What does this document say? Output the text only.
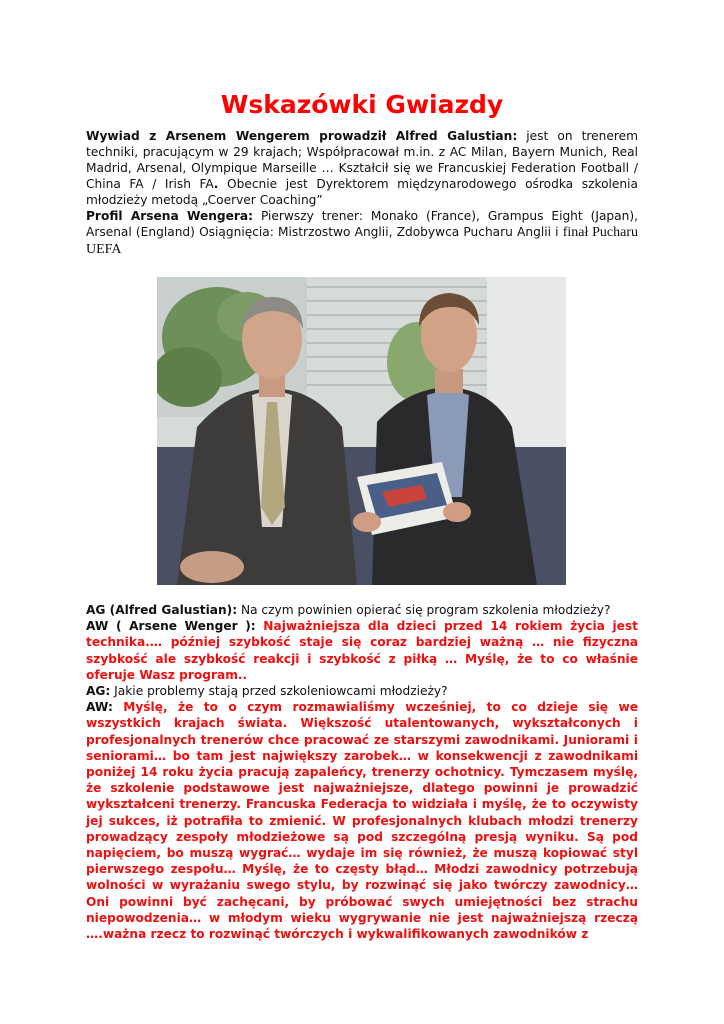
Wskazówki Gwiazdy
Wywiad z Arsenem Wengerem prowadził Alfred Galustian: jest on trenerem techniki, pracującym w 29 krajach; Współpracował m.in. z AC Milan, Bayern Munich, Real Madrid, Arsenal, Olympique Marseille … Kształcił się we Francuskiej Federation Football / China FA / Irish FA. Obecnie jest Dyrektorem międzynarodowego ośrodka szkolenia młodzieży metodą „Coerver Coaching”
Profil Arsena Wengera: Pierwszy trener: Monako (France), Grampus Eight (Japan), Arsenal (England) Osiągnięcia: Mistrzostwo Anglii, Zdobywca Pucharu Anglii i finał Pucharu UEFA

AG (Alfred Galustian): Na czym powinien opierać się program szkolenia młodzieży?

AW ( Arsene Wenger ): Najważniejsza dla dzieci przed 14 rokiem życia jest technika.… później szybkość staje się coraz bardziej ważną … nie fizyczna szybkość ale szybkość reakcji i szybkość z piłką … Myślę, że to co właśnie oferuje Wasz program..

AG: Jakie problemy stają przed szkoleniowcami młodzieży?

AW: Myślę, że to o czym rozmawialiśmy wcześniej, to co dzieje się we wszystkich krajach świata. Większość utalentowanych, wykształconych i profesjonalnych trenerów chce pracować ze starszymi zawodnikami. Juniorami i seniorami… bo tam jest największy zarobek… w konsekwencji z zawodnikami poniżej 14 roku życia pracują zapaleńcy, trenerzy ochotnicy. Tymczasem myślę, że szkolenie podstawowe jest najważniejsze, dlatego powinni je prowadzić wykształceni trenerzy. Francuska Federacja to widziała i myślę, że to oczywisty jej sukces, iż potrafiła to zmienić. W profesjonalnych klubach młodzi trenerzy prowadzący zespoły młodzieżowe są pod szczególną presją wyniku. Są pod napięciem, bo muszą wygrać… wydaje im się również, że muszą kopiować styl pierwszego zespołu… Myślę, że to częsty błąd… Młodzi zawodnicy potrzebują wolności w wyrażaniu swego stylu, by rozwinąć się jako twórczy zawodnicy… Oni powinni być zachęcani, by próbować swych umiejętności bez strachu niepowodzenia… w młodym wieku wygrywanie nie jest najważniejszą rzeczą ….ważna rzecz to rozwinąć twórczych i wykwalifikowanych zawodników z
